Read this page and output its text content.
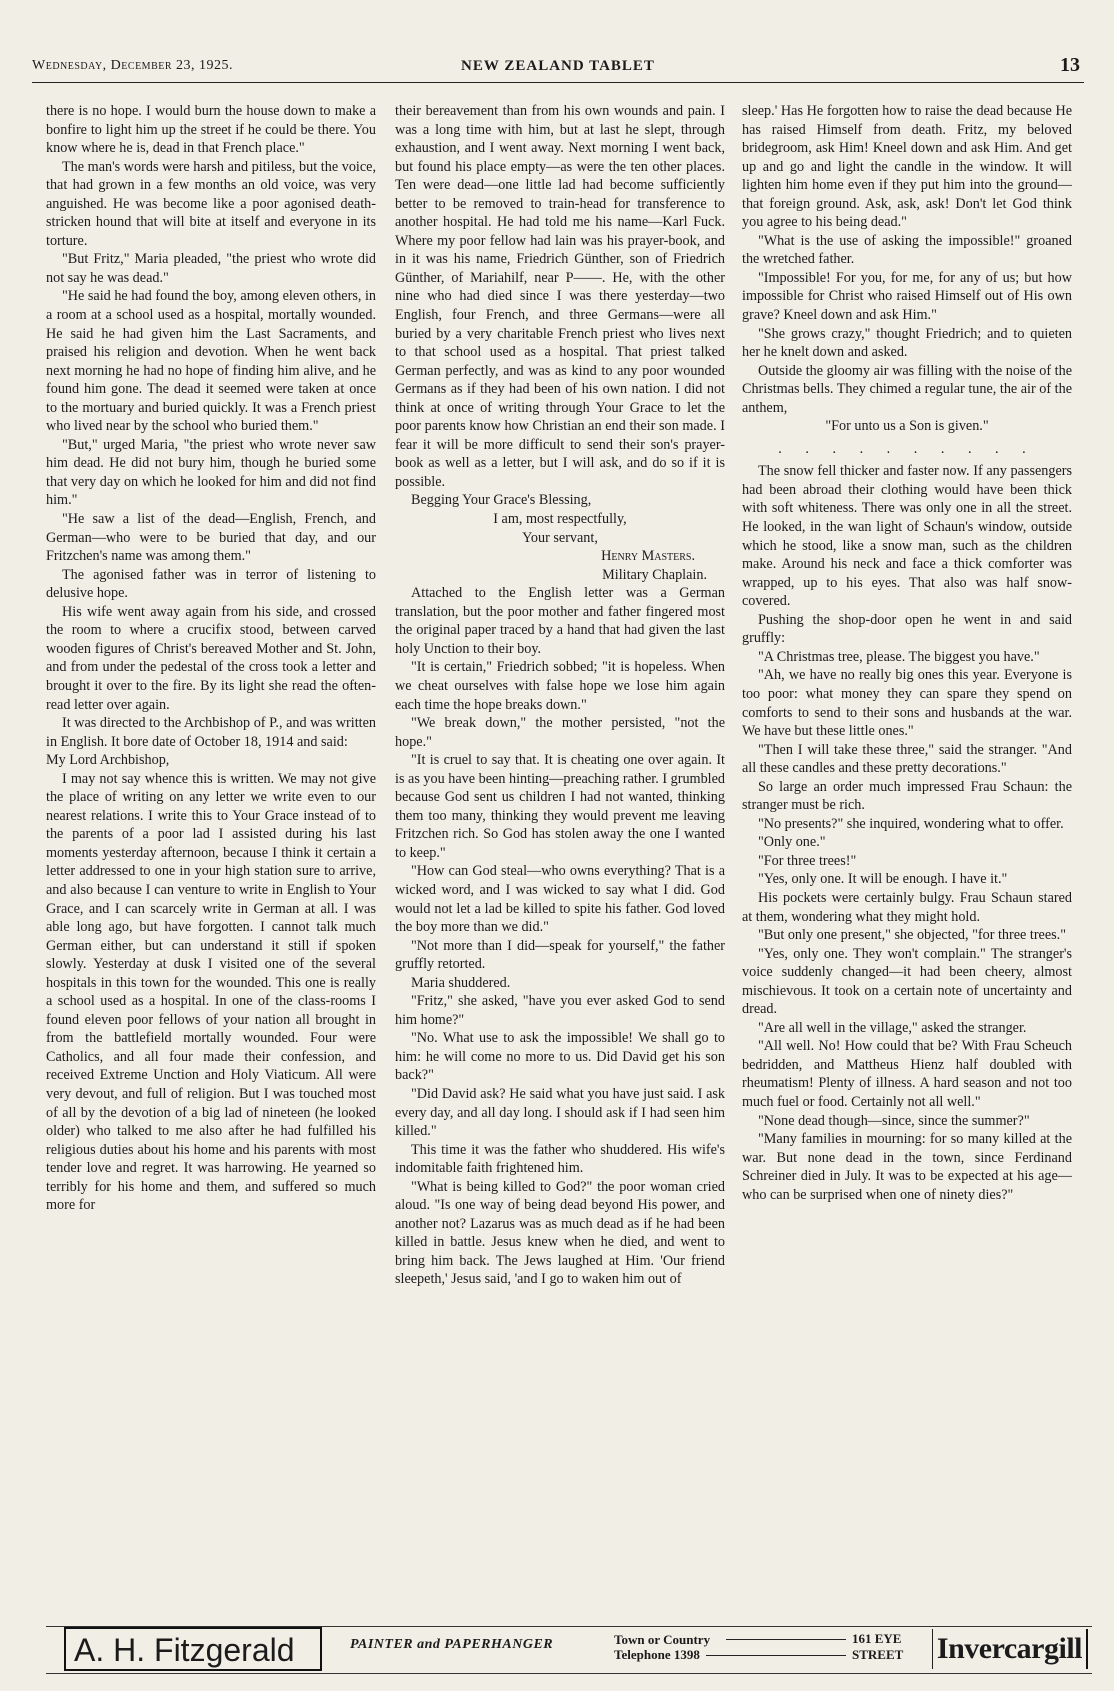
Wednesday, December 23, 1925.	NEW ZEALAND TABLET	13

there is no hope. I would burn the house down to make a bonfire to light him up the street if he could be there. You know where he is, dead in that French place."

The man's words were harsh and pitiless, but the voice, that had grown in a few months an old voice, was very anguished. He was become like a poor agonised death-stricken hound that will bite at itself and everyone in its torture.

"But Fritz," Maria pleaded, "the priest who wrote did not say he was dead."

"He said he had found the boy, among eleven others, in a room at a school used as a hospital, mortally wounded. He said he had given him the Last Sacraments, and praised his religion and devotion. When he went back next morning he had no hope of finding him alive, and he found him gone. The dead it seemed were taken at once to the mortuary and buried quickly. It was a French priest who lived near by the school who buried them."

"But," urged Maria, "the priest who wrote never saw him dead. He did not bury him, though he buried some that very day on which he looked for him and did not find him."

"He saw a list of the dead—English, French, and German—who were to be buried that day, and our Fritzchen's name was among them."

The agonised father was in terror of listening to delusive hope.

His wife went away again from his side, and crossed the room to where a crucifix stood, between carved wooden figures of Christ's bereaved Mother and St. John, and from under the pedestal of the cross took a letter and brought it over to the fire. By its light she read the often-read letter over again.

It was directed to the Archbishop of P., and was written in English. It bore date of October 18, 1914 and said:

My Lord Archbishop,

I may not say whence this is written. We may not give the place of writing on any letter we write even to our nearest relations. I write this to Your Grace instead of to the parents of a poor lad I assisted during his last moments yesterday afternoon, because I think it certain a letter addressed to one in your high station sure to arrive, and also because I can venture to write in English to Your Grace, and I can scarcely write in German at all. I was able long ago, but have forgotten. I cannot talk much German either, but can understand it still if spoken slowly. Yesterday at dusk I visited one of the several hospitals in this town for the wounded. This one is really a school used as a hospital. In one of the class-rooms I found eleven poor fellows of your nation all brought in from the battlefield mortally wounded. Four were Catholics, and all four made their confession, and received Extreme Unction and Holy Viaticum. All were very devout, and full of religion. But I was touched most of all by the devotion of a big lad of nineteen (he looked older) who talked to me also after he had fulfilled his religious duties about his home and his parents with most tender love and regret. It was harrowing. He yearned so terribly for his home and them, and suffered so much more for

their bereavement than from his own wounds and pain. I was a long time with him, but at last he slept, through exhaustion, and I went away. Next morning I went back, but found his place empty—as were the ten other places. Ten were dead—one little lad had become sufficiently better to be removed to train-head for transference to another hospital. He had told me his name—Karl Fuck. Where my poor fellow had lain was his prayer-book, and in it was his name, Friedrich Günther, son of Friedrich Günther, of Mariahilf, near P——. He, with the other nine who had died since I was there yesterday—two English, four French, and three Germans—were all buried by a very charitable French priest who lives next to that school used as a hospital. That priest talked German perfectly, and was as kind to any poor wounded Germans as if they had been of his own nation. I did not think at once of writing through Your Grace to let the poor parents know how Christian an end their son made. I fear it will be more difficult to send their son's prayer-book as well as a letter, but I will ask, and do so if it is possible.

Begging Your Grace's Blessing,

I am, most respectfully,

Your servant,

Henry Masters.

Military Chaplain.

Attached to the English letter was a German translation, but the poor mother and father fingered most the original paper traced by a hand that had given the last holy Unction to their boy.

"It is certain," Friedrich sobbed; "it is hopeless. When we cheat ourselves with false hope we lose him again each time the hope breaks down."

"We break down," the mother persisted, "not the hope."

"It is cruel to say that. It is cheating one over again. It is as you have been hinting—preaching rather. I grumbled because God sent us children I had not wanted, thinking them too many, thinking they would prevent me leaving Fritzchen rich. So God has stolen away the one I wanted to keep."

"How can God steal—who owns everything? That is a wicked word, and I was wicked to say what I did. God would not let a lad be killed to spite his father. God loved the boy more than we did."

"Not more than I did—speak for yourself," the father gruffly retorted.

Maria shuddered.

"Fritz," she asked, "have you ever asked God to send him home?"

"No. What use to ask the impossible! We shall go to him: he will come no more to us. Did David get his son back?"

"Did David ask? He said what you have just said. I ask every day, and all day long. I should ask if I had seen him killed."

This time it was the father who shuddered. His wife's indomitable faith frightened him.

"What is being killed to God?" the poor woman cried aloud. "Is one way of being dead beyond His power, and another not? Lazarus was as much dead as if he had been killed in battle. Jesus knew when he died, and went to bring him back. The Jews laughed at Him. 'Our friend sleepeth,' Jesus said, 'and I go to waken him out of

sleep.' Has He forgotten how to raise the dead because He has raised Himself from death. Fritz, my beloved bridegroom, ask Him! Kneel down and ask Him. And get up and go and light the candle in the window. It will lighten him home even if they put him into the ground—that foreign ground. Ask, ask, ask! Don't let God think you agree to his being dead."

"What is the use of asking the impossible!" groaned the wretched father.

"Impossible! For you, for me, for any of us; but how impossible for Christ who raised Himself out of His own grave? Kneel down and ask Him."

"She grows crazy," thought Friedrich; and to quieten her he knelt down and asked.

Outside the gloomy air was filling with the noise of the Christmas bells. They chimed a regular tune, the air of the anthem,

"For unto us a Son is given."

. . . . . . . . . .

The snow fell thicker and faster now. If any passengers had been abroad their clothing would have been thick with soft whiteness. There was only one in all the street. He looked, in the wan light of Schaun's window, outside which he stood, like a snow man, such as the children make. Around his neck and face a thick comforter was wrapped, up to his eyes. That also was half snow-covered.

Pushing the shop-door open he went in and said gruffly:

"A Christmas tree, please. The biggest you have."

"Ah, we have no really big ones this year. Everyone is too poor: what money they can spare they spend on comforts to send to their sons and husbands at the war. We have but these little ones."

"Then I will take these three," said the stranger. "And all these candles and these pretty decorations."

So large an order much impressed Frau Schaun: the stranger must be rich.

"No presents?" she inquired, wondering what to offer.

"Only one."

"For three trees!"

"Yes, only one. It will be enough. I have it."

His pockets were certainly bulgy. Frau Schaun stared at them, wondering what they might hold.

"But only one present," she objected, "for three trees."

"Yes, only one. They won't complain." The stranger's voice suddenly changed—it had been cheery, almost mischievous. It took on a certain note of uncertainty and dread.

"Are all well in the village," asked the stranger.

"All well. No! How could that be? With Frau Scheuch bedridden, and Mattheus Hienz half doubled with rheumatism! Plenty of illness. A hard season and not too much fuel or food. Certainly not all well."

"None dead though—since, since the summer?"

"Many families in mourning: for so many killed at the war. But none dead in the town, since Ferdinand Schreiner died in July. It was to be expected at his age—who can be surprised when one of ninety dies?"

A. H. Fitzgerald	PAINTER and PAPERHANGER	Town or Country
Telephone 1398
161 EYE
STREET Invercargill
